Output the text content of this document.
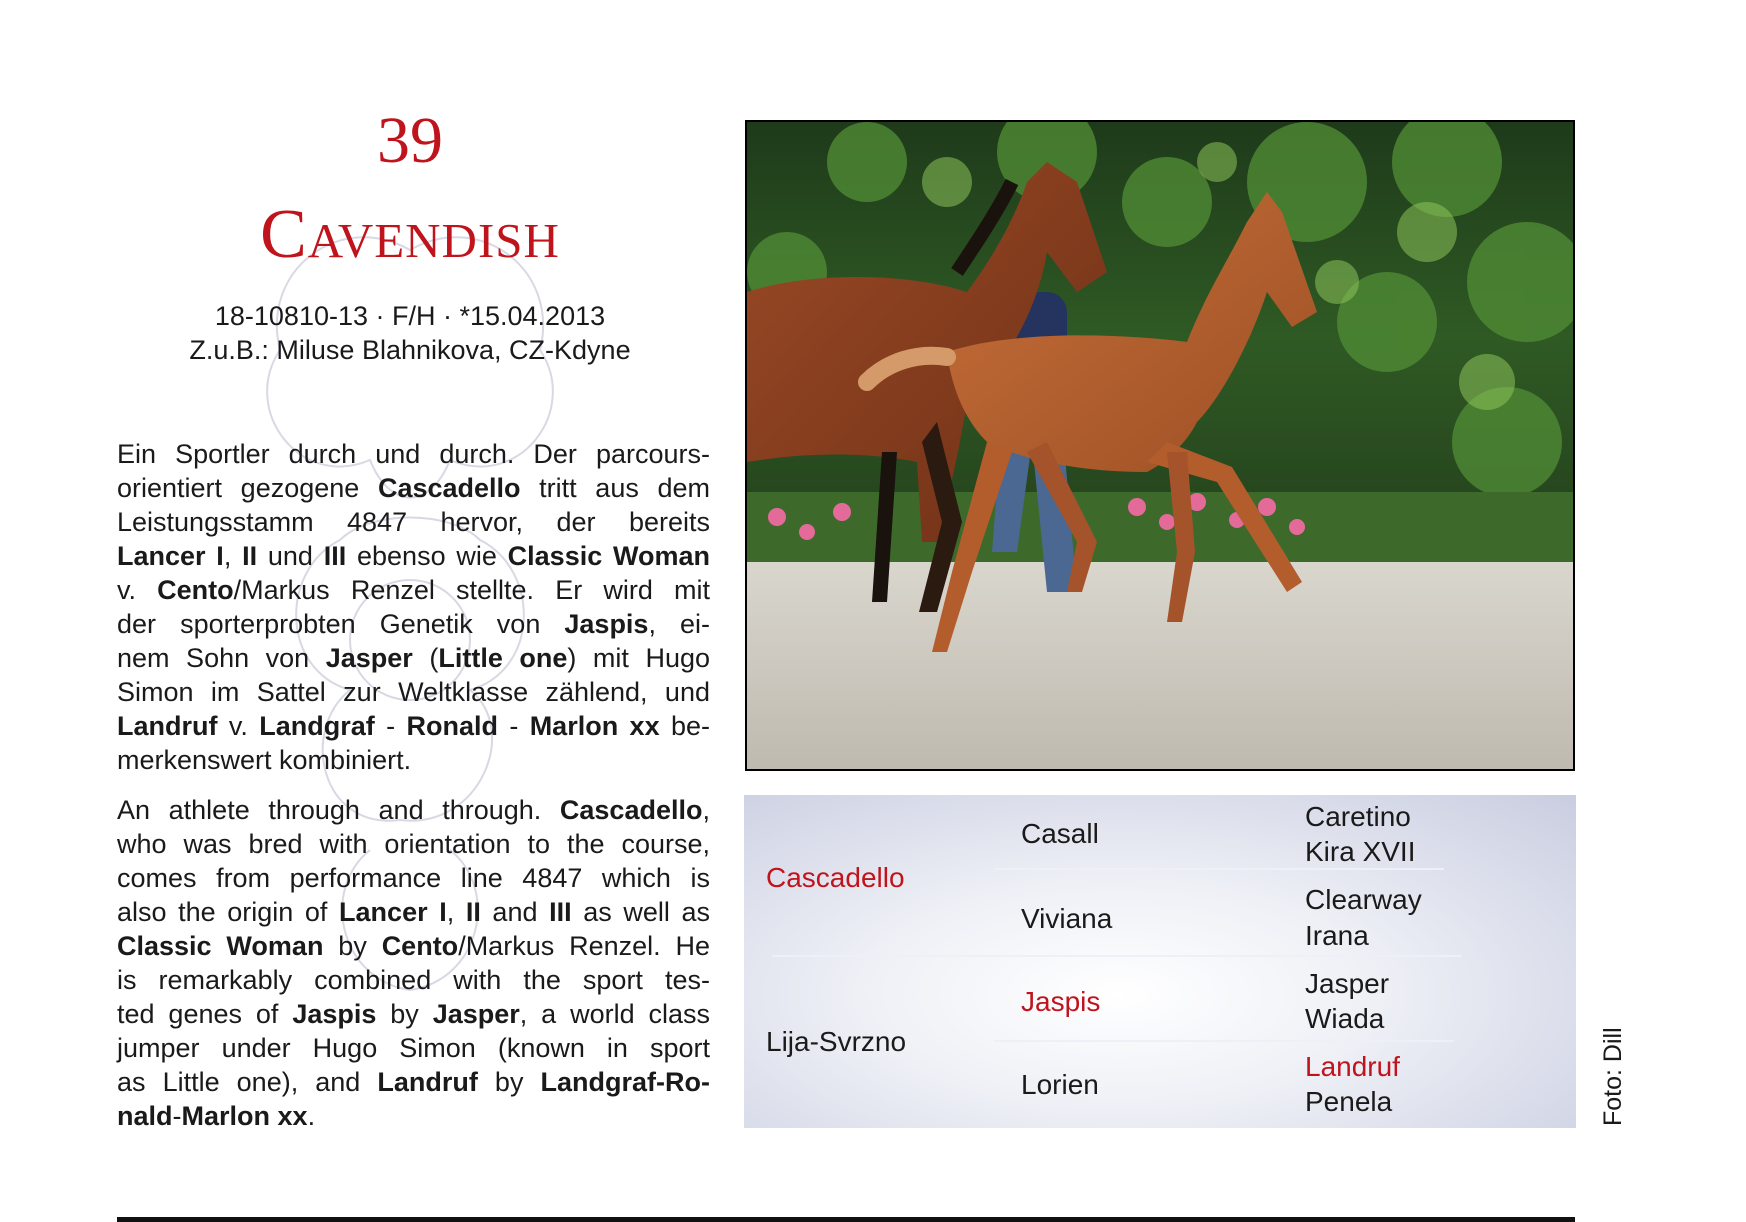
39
Cavendish
18-10810-13 · F/H · *15.04.2013
Z.u.B.: Miluse Blahnikova, CZ-Kdyne
Ein Sportler durch und durch. Der parcours-
orientiert gezogene Cascadello tritt aus dem
Leistungsstamm 4847 hervor, der bereits
Lancer I, II und III ebenso wie Classic Woman
v. Cento/Markus Renzel stellte. Er wird mit
der sporterprobten Genetik von Jaspis, ei-
nem Sohn von Jasper (Little one) mit Hugo
Simon im Sattel zur Weltklasse zählend, und
Landruf v. Landgraf - Ronald - Marlon xx be-
merkenswert kombiniert.
An athlete through and through. Cascadello,
who was bred with orientation to the course,
comes from performance line 4847 which is
also the origin of Lancer I, II and III as well as
Classic Woman by Cento/Markus Renzel. He
is remarkably combined with the sport tes-
ted genes of Jaspis by Jasper, a world class
jumper under Hugo Simon (known in sport
as Little one), and Landruf by Landgraf-Ro-
nald-Marlon xx.
Cascadello
Lija-Svrzno
Casall
Viviana
Jaspis
Lorien
Caretino
Kira XVII
Clearway
Irana
Jasper
Wiada
Landruf
Penela	Foto: Dill
